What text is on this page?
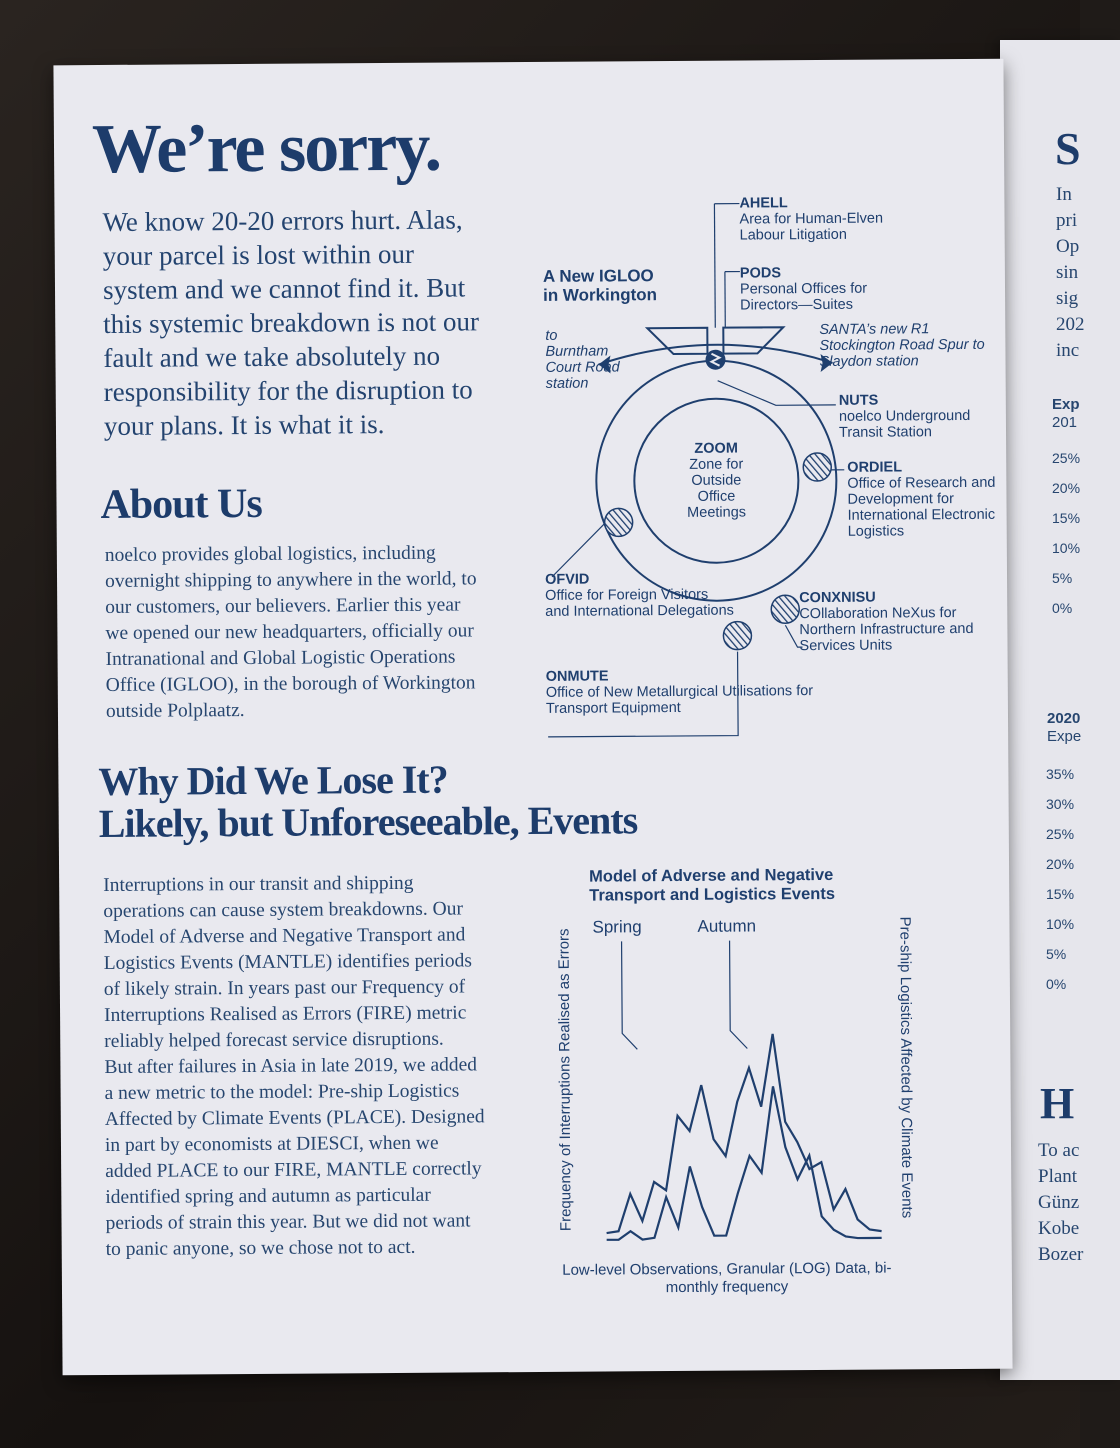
S
In
pri
Op
sin
sig
202
inc
Exp
201
25%
20%
15%
10%
5%
0%
2020
Expe
35%
30%
25%
20%
15%
10%
5%
0%
H
To ac
Plant
Günz
Kobe
Bozer
We’re sorry.
We know 20-20 errors hurt. Alas,
your parcel is lost within our
system and we cannot find it. But
this systemic breakdown is not our
fault and we take absolutely no
responsibility for the disruption to
your plans. It is what it is.
About Us
noelco provides global logistics, including
overnight shipping to anywhere in the world, to
our customers, our believers. Earlier this year
we opened our new headquarters, officially our
Intranational and Global Logistic Operations
Office (IGLOO), in the borough of Workington
outside Polplaatz.
A New IGLOO in Workington
to Burntham Court Road station
SANTA’s new R1 Stockington Road Spur to Slaydon station
ZOOM
Zone for Outside Office Meetings
AHELL
Area for Human-Elven Labour Litigation
PODS
Personal Offices for Directors—Suites
NUTS
noelco Underground Transit Station
ORDIEL
Office of Research and Development for International Electronic Logistics
OFVID
Office for Foreign Visitors and International Delegations
CONXNISU
COllaboration NeXus for Northern Infrastructure and Services Units
ONMUTE
Office of New Metallurgical Utilisations for Transport Equipment
Why Did We Lose It?
Likely, but Unforeseeable, Events
Interruptions in our transit and shipping
operations can cause system breakdowns. Our
Model of Adverse and Negative Transport and
Logistics Events (MANTLE) identifies periods
of likely strain. In years past our Frequency of
Interruptions Realised as Errors (FIRE) metric
reliably helped forecast service disruptions.
But after failures in Asia in late 2019, we added
a new metric to the model: Pre-ship Logistics
Affected by Climate Events (PLACE). Designed
in part by economists at DIESCI, when we
added PLACE to our FIRE, MANTLE correctly
identified spring and autumn as particular
periods of strain this year. But we did not want
to panic anyone, so we chose not to act.
Model of Adverse and Negative Transport and Logistics Events
Spring	Autumn
Low-level Observations, Granular (LOG) Data, bi-monthly frequency
Frequency of Interruptions Realised as Errors	Pre-ship Logistics Affected by Climate Events
